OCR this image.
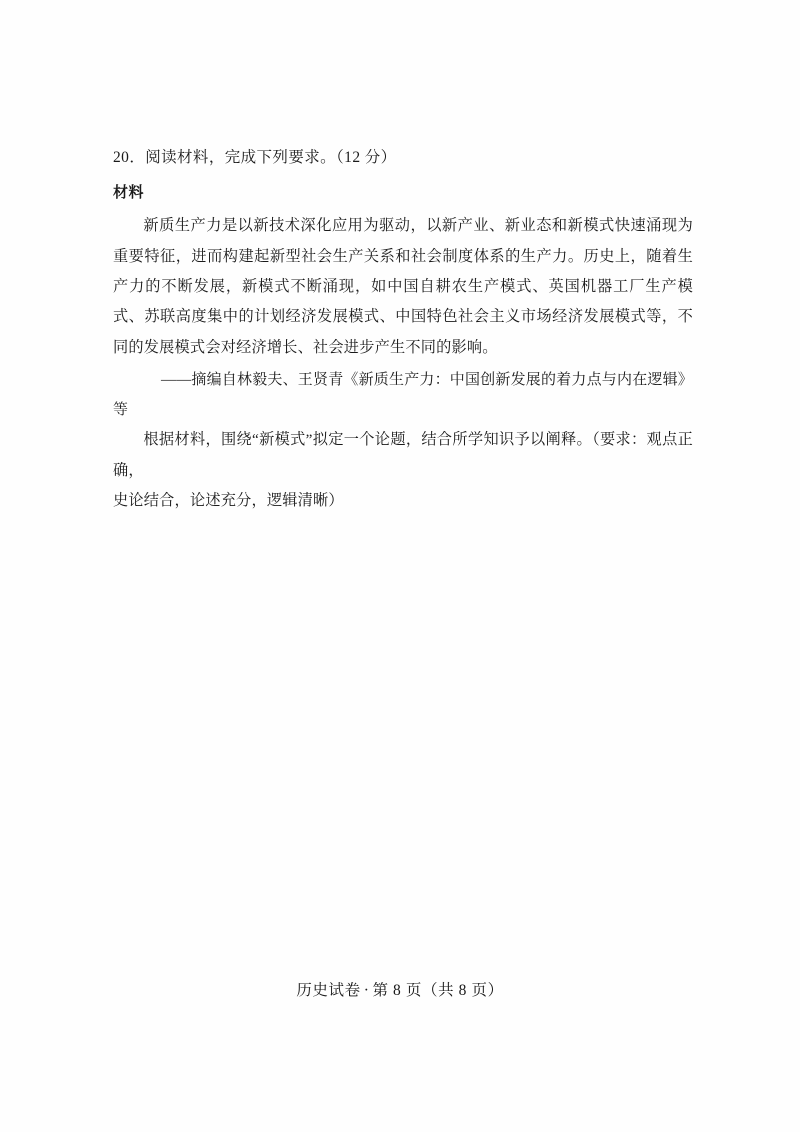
20．阅读材料，完成下列要求。（12 分）
材料
新质生产力是以新技术深化应用为驱动，以新产业、新业态和新模式快速涌现为重要特征，进而构建起新型社会生产关系和社会制度体系的生产力。历史上，随着生产力的不断发展，新模式不断涌现，如中国自耕农生产模式、英国机器工厂生产模式、苏联高度集中的计划经济发展模式、中国特色社会主义市场经济发展模式等，不同的发展模式会对经济增长、社会进步产生不同的影响。
——摘编自林毅夫、王贤青《新质生产力：中国创新发展的着力点与内在逻辑》等
根据材料，围绕“新模式”拟定一个论题，结合所学知识予以阐释。（要求：观点正确，
史论结合，论述充分，逻辑清晰）
历史试卷 · 第 8 页（共 8 页）
